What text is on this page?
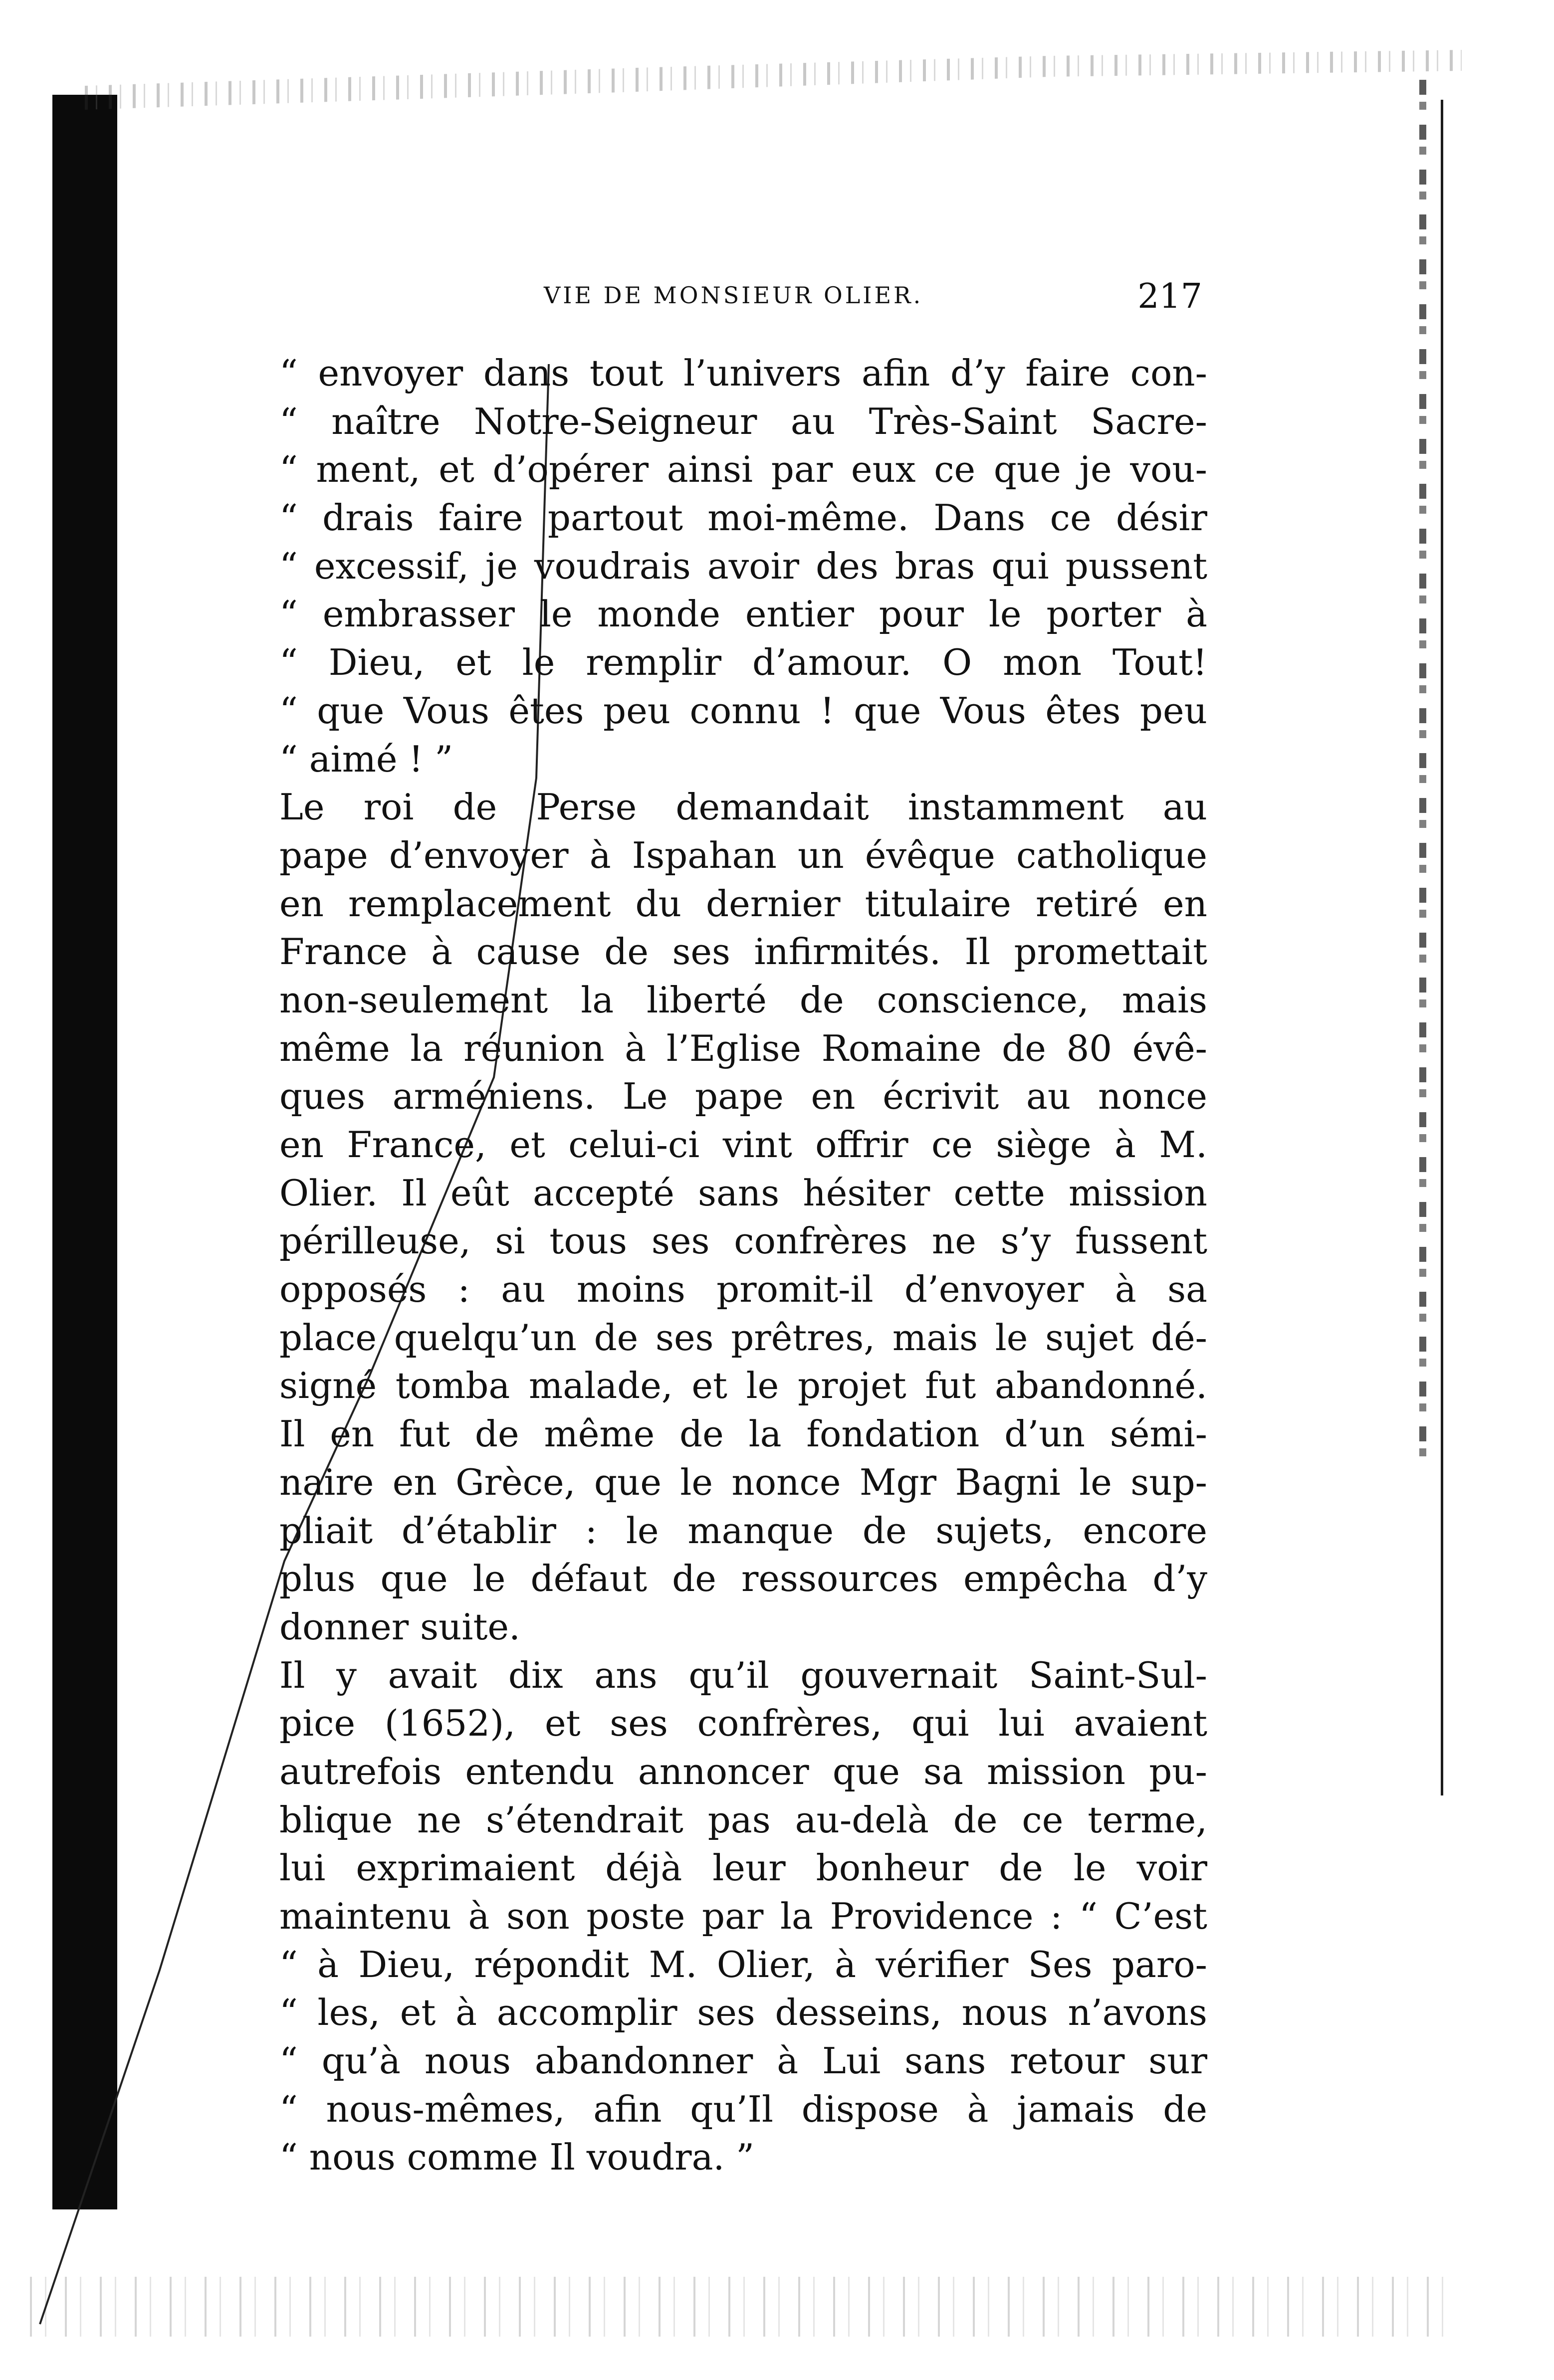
VIE DE MONSIEUR OLIER.	217
“ envoyer dans tout l’univers afin d’y faire con-
“ naître Notre-Seigneur au Très-Saint Sacre-
“ ment, et d’opérer ainsi par eux ce que je vou-
“ drais faire partout moi-même. Dans ce désir
“ excessif, je voudrais avoir des bras qui pussent
“ embrasser le monde entier pour le porter à
“ Dieu, et le remplir d’amour. O mon Tout!
“ que Vous êtes peu connu ! que Vous êtes peu
“ aimé ! ”
Le roi de Perse demandait instamment au
pape d’envoyer à Ispahan un évêque catholique
en remplacement du dernier titulaire retiré en
France à cause de ses infirmités. Il promettait
non-seulement la liberté de conscience, mais
même la réunion à l’Eglise Romaine de 80 évê-
ques arméniens. Le pape en écrivit au nonce
en France, et celui-ci vint offrir ce siège à M.
Olier. Il eût accepté sans hésiter cette mission
périlleuse, si tous ses confrères ne s’y fussent
opposés : au moins promit-il d’envoyer à sa
place quelqu’un de ses prêtres, mais le sujet dé-
signé tomba malade, et le projet fut abandonné.
Il en fut de même de la fondation d’un sémi-
naire en Grèce, que le nonce Mgr Bagni le sup-
pliait d’établir : le manque de sujets, encore
plus que le défaut de ressources empêcha d’y
donner suite.
Il y avait dix ans qu’il gouvernait Saint-Sul-
pice (1652), et ses confrères, qui lui avaient
autrefois entendu annoncer que sa mission pu-
blique ne s’étendrait pas au-delà de ce terme,
lui exprimaient déjà leur bonheur de le voir
maintenu à son poste par la Providence : “ C’est
“ à Dieu, répondit M. Olier, à vérifier Ses paro-
“ les, et à accomplir ses desseins, nous n’avons
“ qu’à nous abandonner à Lui sans retour sur
“ nous-mêmes, afin qu’Il dispose à jamais de
“ nous comme Il voudra. ”
